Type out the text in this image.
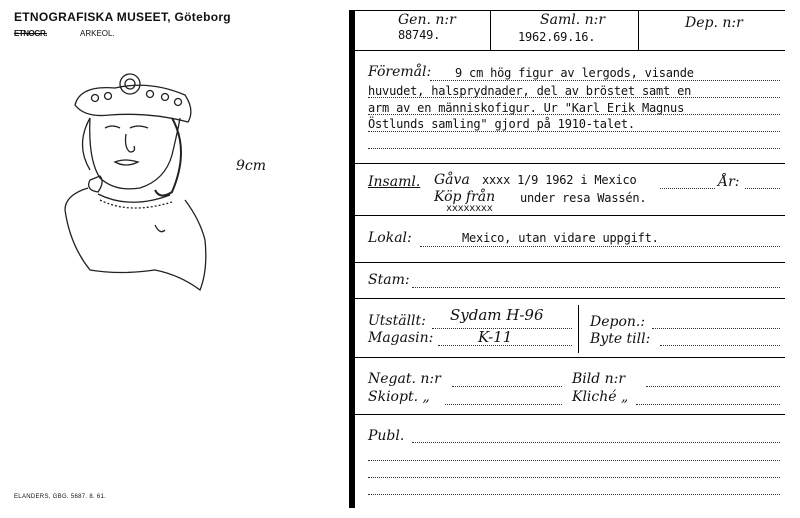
ETNOGRAFISKA MUSEET, Göteborg
ETNOGR.	ARKEOL.
9cm
ELANDERS, GBG. 5687. 8. 61.
Gen. n:r
88749.
Saml. n:r
1962.69.16.
Dep. n:r
Föremål: 9 cm hög figur av lergods, visande
huvudet, halsprydnader, del av bröstet samt en
arm av en människofigur. Ur "Karl Erik Magnus
Östlunds samling" gjord på 1910-talet.
Insaml. Gåva xxxx 1/9 1962 i Mexico	År:
Köp från
xxxxxxxx
under resa Wassén.
Lokal:	Mexico, utan vidare uppgift.
Stam:
Utställt: Sydam H-96
Magasin:	K-11
Depon.:
Byte till:
Negat. n:r	Bild n:r
Skiopt. „	Kliché „
Publ.
